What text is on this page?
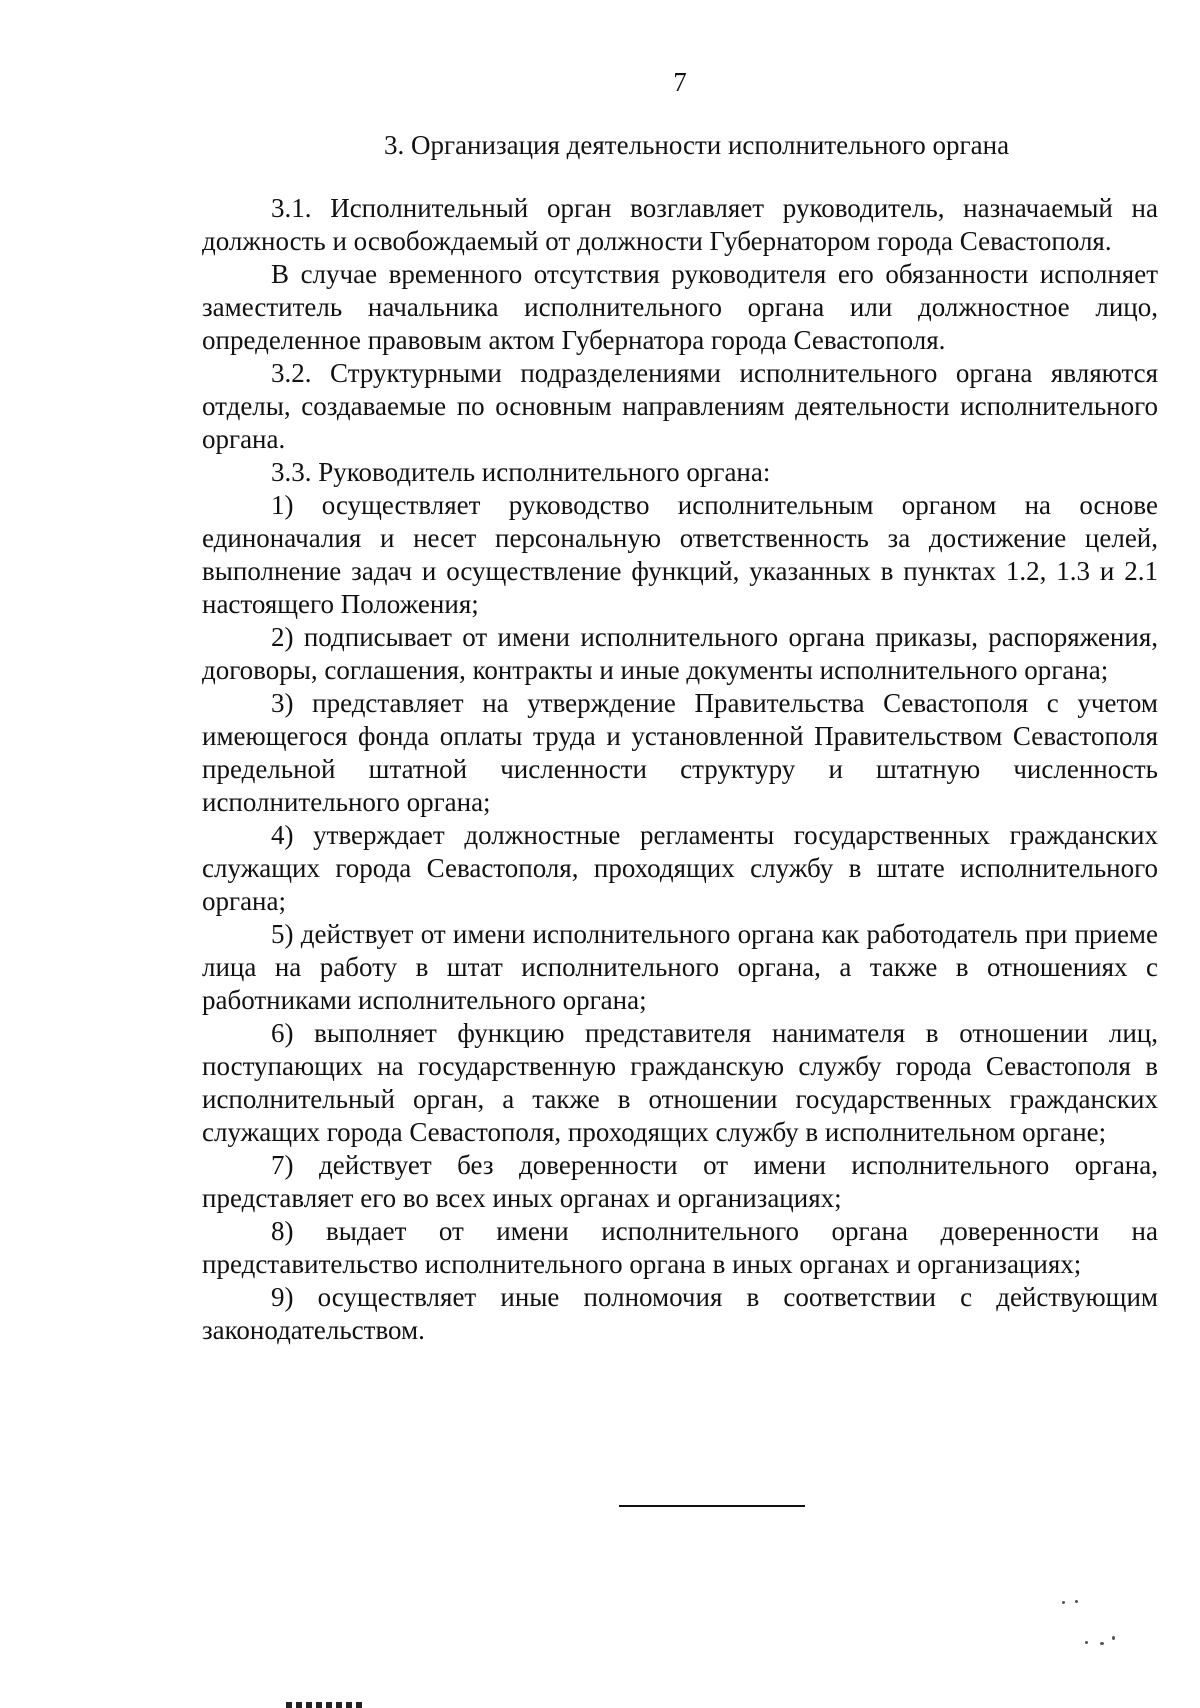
7
3. Организация деятельности исполнительного органа

3.1. Исполнительный орган возглавляет руководитель, назначаемый на должность и освобождаемый от должности Губернатором города Севастополя.

В случае временного отсутствия руководителя его обязанности исполняет заместитель начальника исполнительного органа или должностное лицо, определенное правовым актом Губернатора города Севастополя.

3.2. Структурными подразделениями исполнительного органа являются отделы, создаваемые по основным направлениям деятельности исполнительного органа.

3.3. Руководитель исполнительного органа:

1) осуществляет руководство исполнительным органом на основе единоначалия и несет персональную ответственность за достижение целей, выполнение задач и осуществление функций, указанных в пунктах 1.2, 1.3 и 2.1 настоящего Положения;

2) подписывает от имени исполнительного органа приказы, распоряжения, договоры, соглашения, контракты и иные документы исполнительного органа;

3) представляет на утверждение Правительства Севастополя с учетом имеющегося фонда оплаты труда и установленной Правительством Севастополя предельной штатной численности структуру и штатную численность исполнительного органа;

4) утверждает должностные регламенты государственных гражданских служащих города Севастополя, проходящих службу в штате исполнительного органа;

5) действует от имени исполнительного органа как работодатель при приеме лица на работу в штат исполнительного органа, а также в отношениях с работниками исполнительного органа;

6) выполняет функцию представителя нанимателя в отношении лиц, поступающих на государственную гражданскую службу города Севастополя в исполнительный орган, а также в отношении государственных гражданских служащих города Севастополя, проходящих службу в исполнительном органе;

7) действует без доверенности от имени исполнительного органа, представляет его во всех иных органах и организациях;

8) выдает от имени исполнительного органа доверенности на представительство исполнительного органа в иных органах и организациях;

9) осуществляет иные полномочия в соответствии с действующим законодательством.
